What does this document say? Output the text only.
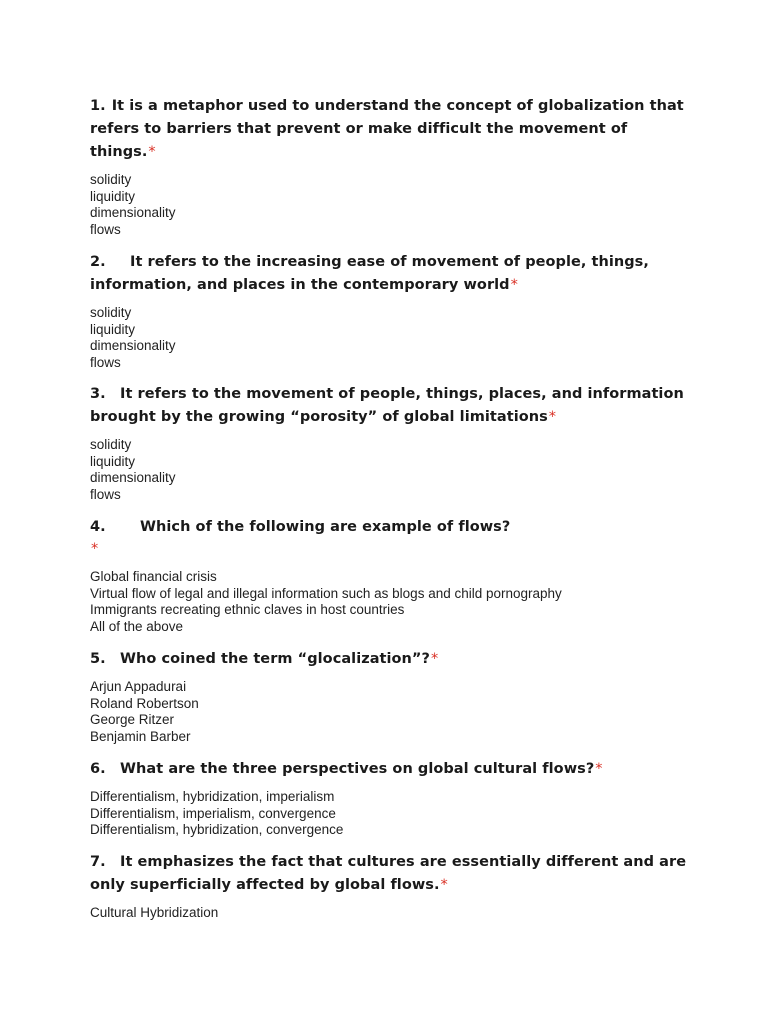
1. It is a metaphor used to understand the concept of globalization that refers to barriers that prevent or make difficult the movement of things.*

solidity
liquidity
dimensionality
flows

2. It refers to the increasing ease of movement of people, things, information, and places in the contemporary world*

solidity
liquidity
dimensionality
flows

3. It refers to the movement of people, things, places, and information brought by the growing “porosity” of global limitations*

solidity
liquidity
dimensionality
flows

4. Which of the following are example of flows?
*

Global financial crisis
Virtual flow of legal and illegal information such as blogs and child pornography
Immigrants recreating ethnic claves in host countries
All of the above

5. Who coined the term “glocalization”?*

Arjun Appadurai
Roland Robertson
George Ritzer
Benjamin Barber

6. What are the three perspectives on global cultural flows?*

Differentialism, hybridization, imperialism
Differentialism, imperialism, convergence
Differentialism, hybridization, convergence

7. It emphasizes the fact that cultures are essentially different and are only superficially affected by global flows.*

Cultural Hybridization
